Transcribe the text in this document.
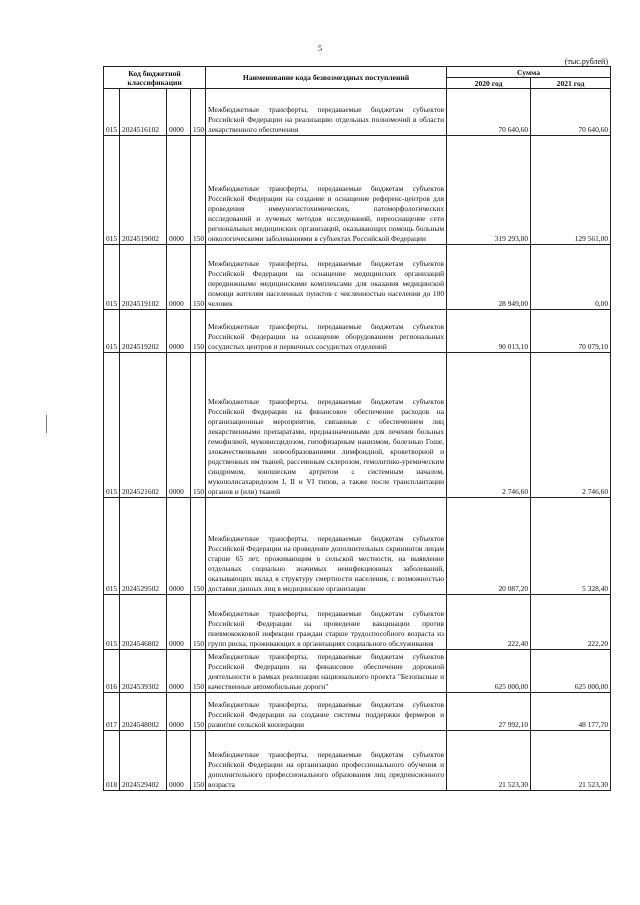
5
(тыс.рублей)
Код бюджетной классификации				Наименование кода безвозмездных поступлений	Сумма	
					2020 год	2021 год
015	2024516102	0000	150	Межбюджетные трансферты, передаваемые бюджетам субъектов Российской Федерации на реализацию отдельных полномочий в области лекарственного обеспечения	70 640,60	70 640,60
015	2024519002	0000	150	Межбюджетные трансферты, передаваемые бюджетам субъектов Российской Федерации на создание и оснащение референс-центров для проведения иммуногистохимических, патоморфологических исследований и лучевых методов исследований, переоснащение сети региональных медицинских организаций, оказывающих помощь больным онкологическими заболеваниями в субъектах Российской Федерации	319 293,80	129 561,00
015	2024519102	0000	150	Межбюджетные трансферты, передаваемые бюджетам субъектов Российской Федерации на оснащение медицинских организаций передвижными медицинскими комплексами для оказания медицинской помощи жителям населенных пунктов с численностью населения до 100 человек	28 949,00	0,00
015	2024519202	0000	150	Межбюджетные трансферты, передаваемые бюджетам субъектов Российской Федерации на оснащение оборудованием региональных сосудистых центров и первичных сосудистых отделений	90 013,10	70 079,10
015	2024521602	0000	150	Межбюджетные трансферты, передаваемые бюджетам субъектов Российской Федерации на финансовое обеспечение расходов на организационные мероприятия, связанные с обеспечением лиц лекарственными препаратами, предназначенными для лечения больных гемофилией, муковисцидозом, гипофизарным нанизмом, болезнью Гоше, злокачественными новообразованиями лимфоидной, кроветворной и родственных им тканей, рассеянным склерозом, гемолитико-уремическим синдромом, юношеским артритом с системным началом, мукополисахаридозом I, II и VI типов, а также после трансплантации органов и (или) тканей	2 746,60	2 746,60
015	2024529502	0000	150	Межбюджетные трансферты, передаваемые бюджетам субъектов Российской Федерации на проведение дополнительных скринингов лицам старше 65 лет, проживающим в сельской местности, на выявление отдельных социально значимых неинфекционных заболеваний, оказывающих вклад в структуру смертности населения, с возможностью доставки данных лиц в медицинские организации	20 087,20	5 328,40
015	2024546802	0000	150	Межбюджетные трансферты, передаваемые бюджетам субъектов Российской Федерации на проведение вакцинации против пневмококковой инфекции граждан старше трудоспособного возраста из групп риска, проживающих в организациях социального обслуживания	222,40	222,20
016	2024539302	0000	150	Межбюджетные трансферты, передаваемые бюджетам субъектов Российской Федерации на финансовое обеспечение дорожной деятельности в рамках реализации национального проекта "Безопасные и качественные автомобильные дороги"	625 000,00	625 000,00
017	2024548002	0000	150	Межбюджетные трансферты, передаваемые бюджетам субъектов Российской Федерации на создание системы поддержки фермеров и развитие сельской кооперации	27 992,10	48 177,70
018	2024529402	0000	150	Межбюджетные трансферты, передаваемые бюджетам субъектов Российской Федерации на организацию профессионального обучения и дополнительного профессионального образования лиц предпенсионного возраста	21 523,30	21 523,30
